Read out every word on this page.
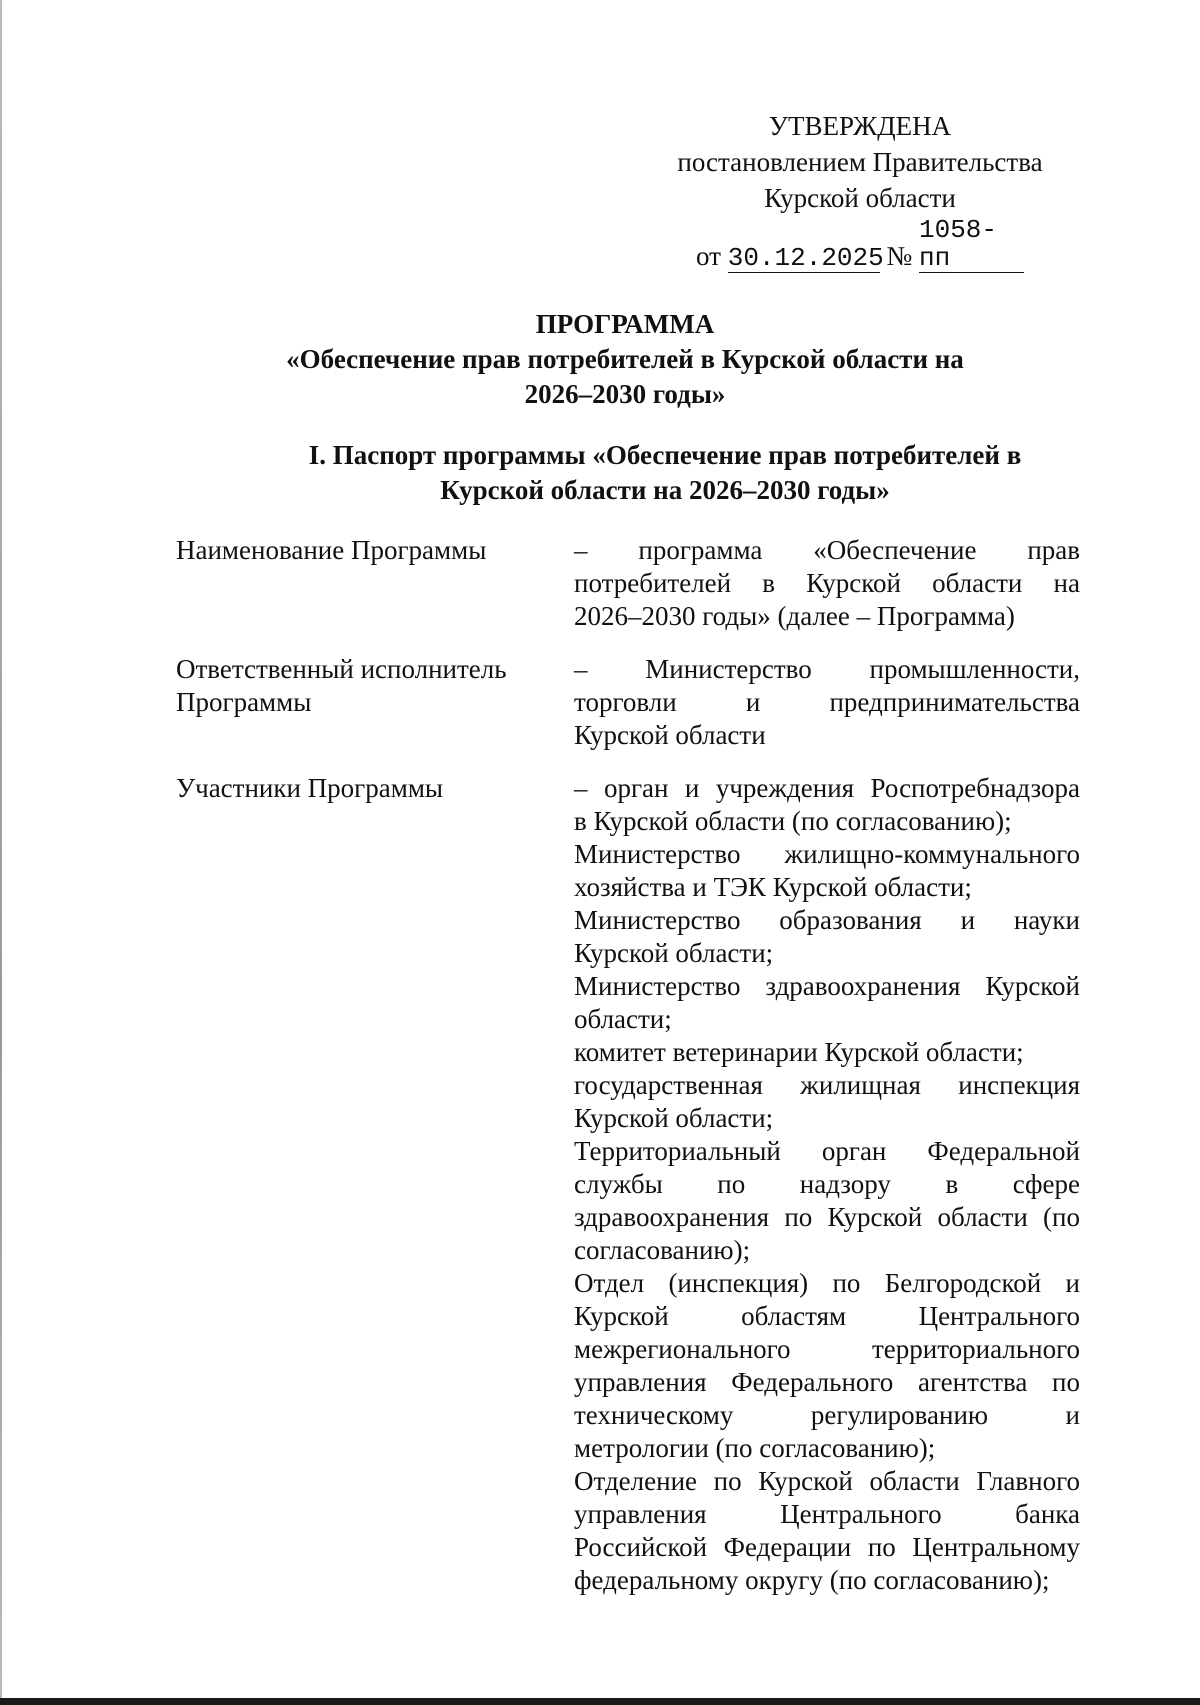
УТВЕРЖДЕНА
постановлением Правительства
Курской области
от 30.12.2025 № 1058-пп
ПРОГРАММА
«Обеспечение прав потребителей в Курской области на
2026–2030 годы»
I. Паспорт программы «Обеспечение прав потребителей в
Курской области на 2026–2030 годы»
Наименование Программы	– программа «Обеспечение прав
потребителей в Курской области на
2026–2030 годы» (далее – Программа)
Ответственный исполнитель
Программы
– Министерство промышленности,
торговли и предпринимательства
Курской области
Участники Программы	– орган и учреждения Роспотребнадзора
в Курской области (по согласованию);
Министерство жилищно-коммунального
хозяйства и ТЭК Курской области;
Министерство образования и науки
Курской области;
Министерство здравоохранения Курской
области;
комитет ветеринарии Курской области;
государственная жилищная инспекция
Курской области;
Территориальный орган Федеральной
службы по надзору в сфере
здравоохранения по Курской области (по
согласованию);
Отдел (инспекция) по Белгородской и
Курской областям Центрального
межрегионального территориального
управления Федерального агентства по
техническому регулированию и
метрологии (по согласованию);
Отделение по Курской области Главного
управления Центрального банка
Российской Федерации по Центральному
федеральному округу (по согласованию);
